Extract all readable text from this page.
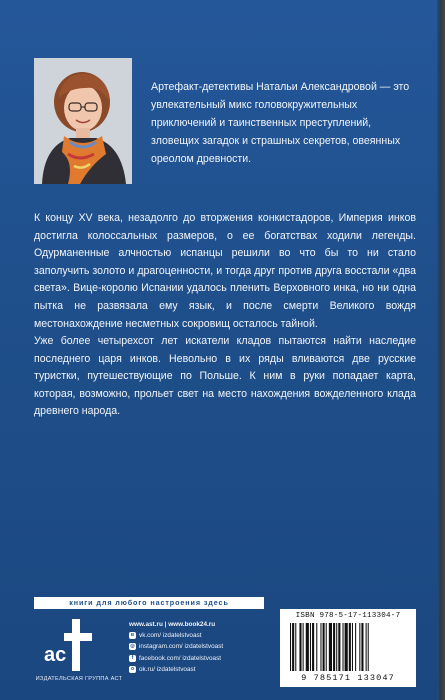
Артефакт-детективы Натальи Александровой — это увлекательный микс головокружительных приключений и таинственных преступлений, зловещих загадок и страшных секретов, овеянных ореолом древности.
К концу XV века, незадолго до вторжения конкистадоров, Империя инков достигла колоссальных размеров, о ее богатствах ходили легенды. Одурманенные алчностью испанцы решили во что бы то ни стало заполучить золото и драгоценности, и тогда друг против друга восстали «два света». Вице-королю Испании удалось пленить Верховного инка, но ни одна пытка не развязала ему язык, и после смерти Великого вождя местонахождение несметных сокровищ осталось тайной.
Уже более четырехсот лет искатели кладов пытаются найти наследие последнего царя инков. Невольно в их ряды вливаются две русские туристки, путешествующие по Польше. К ним в руки попадает карта, которая, возможно, прольет свет на место нахождения вожделенного клада древнего народа.
книги для любого настроения здесь
ас
ИЗДАТЕЛЬСКАЯ ГРУППА АСТ
www.ast.ru | www.book24.ru
в vk.com/ izdatelstvoast
◎ instagram.com/ izdatelstvoast
f facebook.com/ izdatelstvoast
о ok.ru/ izdatelstvoast
ISBN 978-5-17-113304-7
9 785171 133047
